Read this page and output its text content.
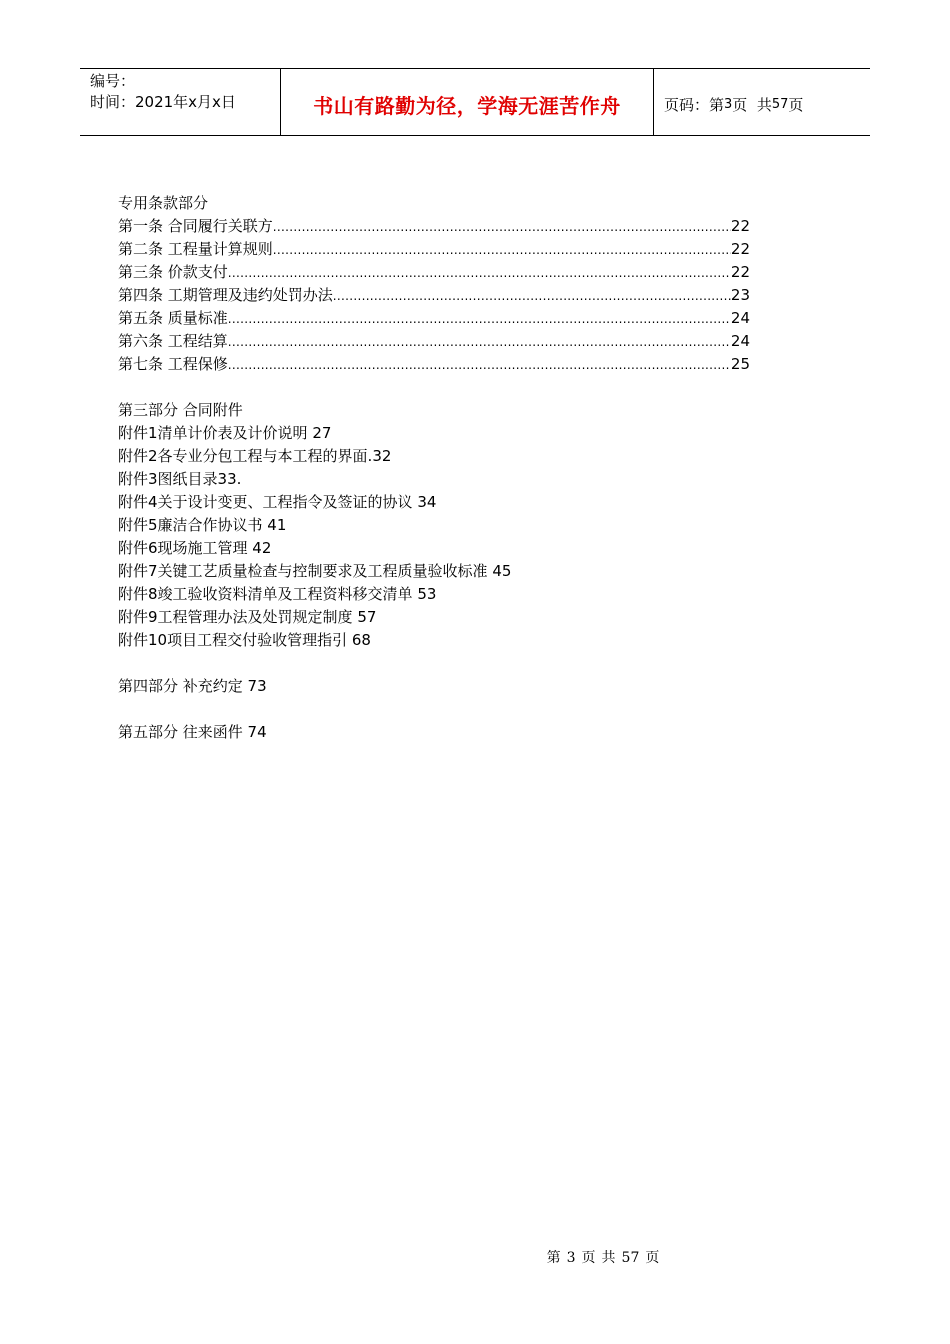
编号：
时间：2021年x月x日	书山有路勤为径，学海无涯苦作舟	页码：第 3 页  共 57 页
专用条款部分
第一条 合同履行关联方 .....	22
第二条 工程量计算规则 .....	22
第三条 价款支付 .....	22
第四条 工期管理及违约处罚办法 .....	23
第五条 质量标准 .....	24
第六条 工程结算 .....	24
第七条 工程保修 .....	25
第三部分 合同附件
附件1清单计价表及计价说明 27
附件2各专业分包工程与本工程的界面.32
附件3图纸目录33.
附件4关于设计变更、工程指令及签证的协议 34
附件5廉洁合作协议书 41
附件6现场施工管理 42
附件7关键工艺质量检查与控制要求及工程质量验收标准 45
附件8竣工验收资料清单及工程资料移交清单 53
附件9工程管理办法及处罚规定制度 57
附件10项目工程交付验收管理指引 68
第四部分 补充约定 73
第五部分 往来函件 74
第 3 页 共 57 页
